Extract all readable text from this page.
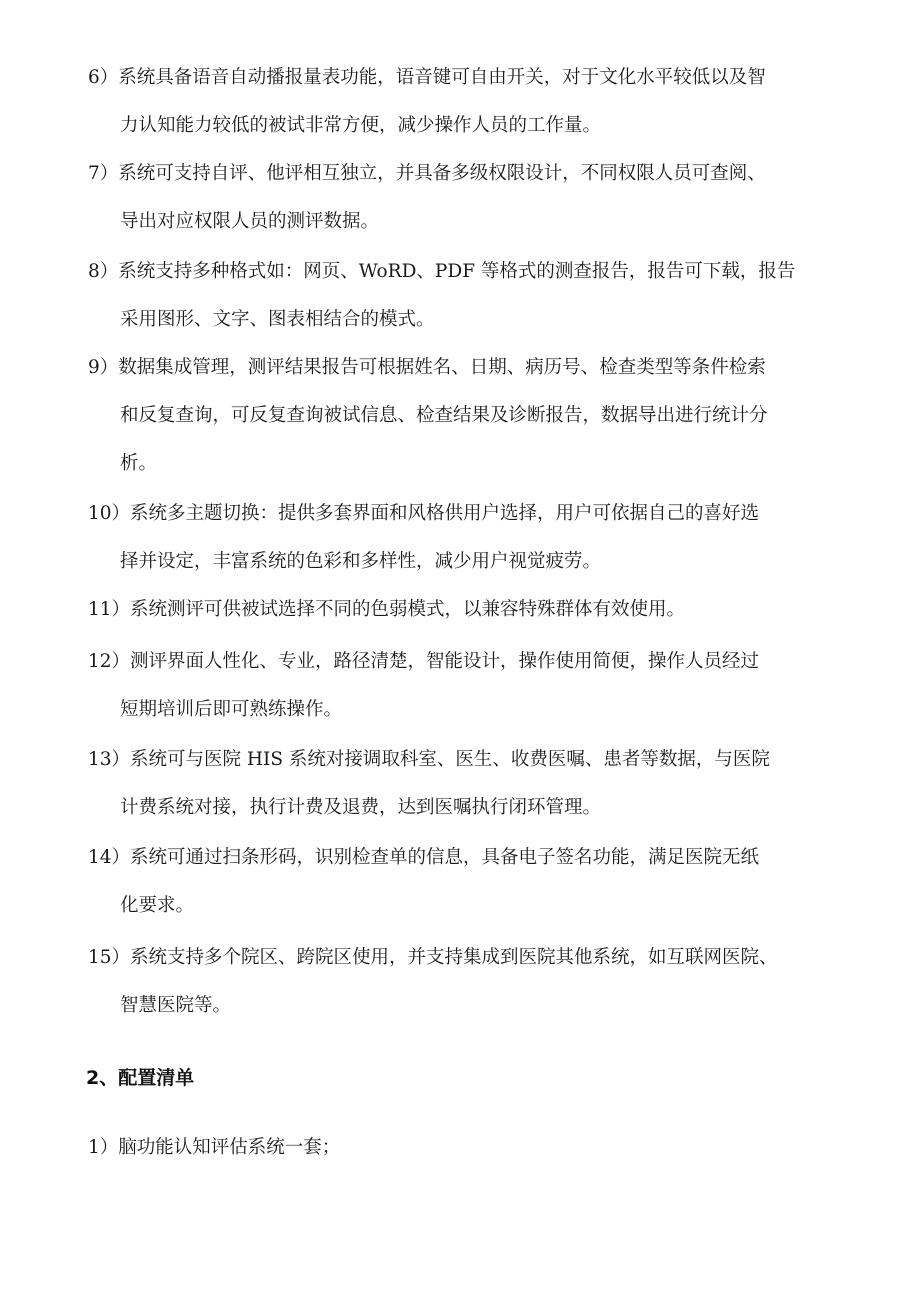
6）系统具备语音自动播报量表功能，语音键可自由开关，对于文化水平较低以及智
力认知能力较低的被试非常方便，减少操作人员的工作量。
7）系统可支持自评、他评相互独立，并具备多级权限设计，不同权限人员可查阅、
导出对应权限人员的测评数据。
8）系统支持多种格式如：网页、WoRD、PDF 等格式的测查报告，报告可下载，报告
采用图形、文字、图表相结合的模式。
9）数据集成管理，测评结果报告可根据姓名、日期、病历号、检查类型等条件检索
和反复查询，可反复查询被试信息、检查结果及诊断报告，数据导出进行统计分
析。
10）系统多主题切换：提供多套界面和风格供用户选择，用户可依据自己的喜好选
择并设定，丰富系统的色彩和多样性，减少用户视觉疲劳。
11）系统测评可供被试选择不同的色弱模式，以兼容特殊群体有效使用。
12）测评界面人性化、专业，路径清楚，智能设计，操作使用简便，操作人员经过
短期培训后即可熟练操作。
13）系统可与医院 HIS 系统对接调取科室、医生、收费医嘱、患者等数据，与医院
计费系统对接，执行计费及退费，达到医嘱执行闭环管理。
14）系统可通过扫条形码，识别检查单的信息，具备电子签名功能，满足医院无纸
化要求。
15）系统支持多个院区、跨院区使用，并支持集成到医院其他系统，如互联网医院、
智慧医院等。
2、配置清单
1）脑功能认知评估系统一套；
